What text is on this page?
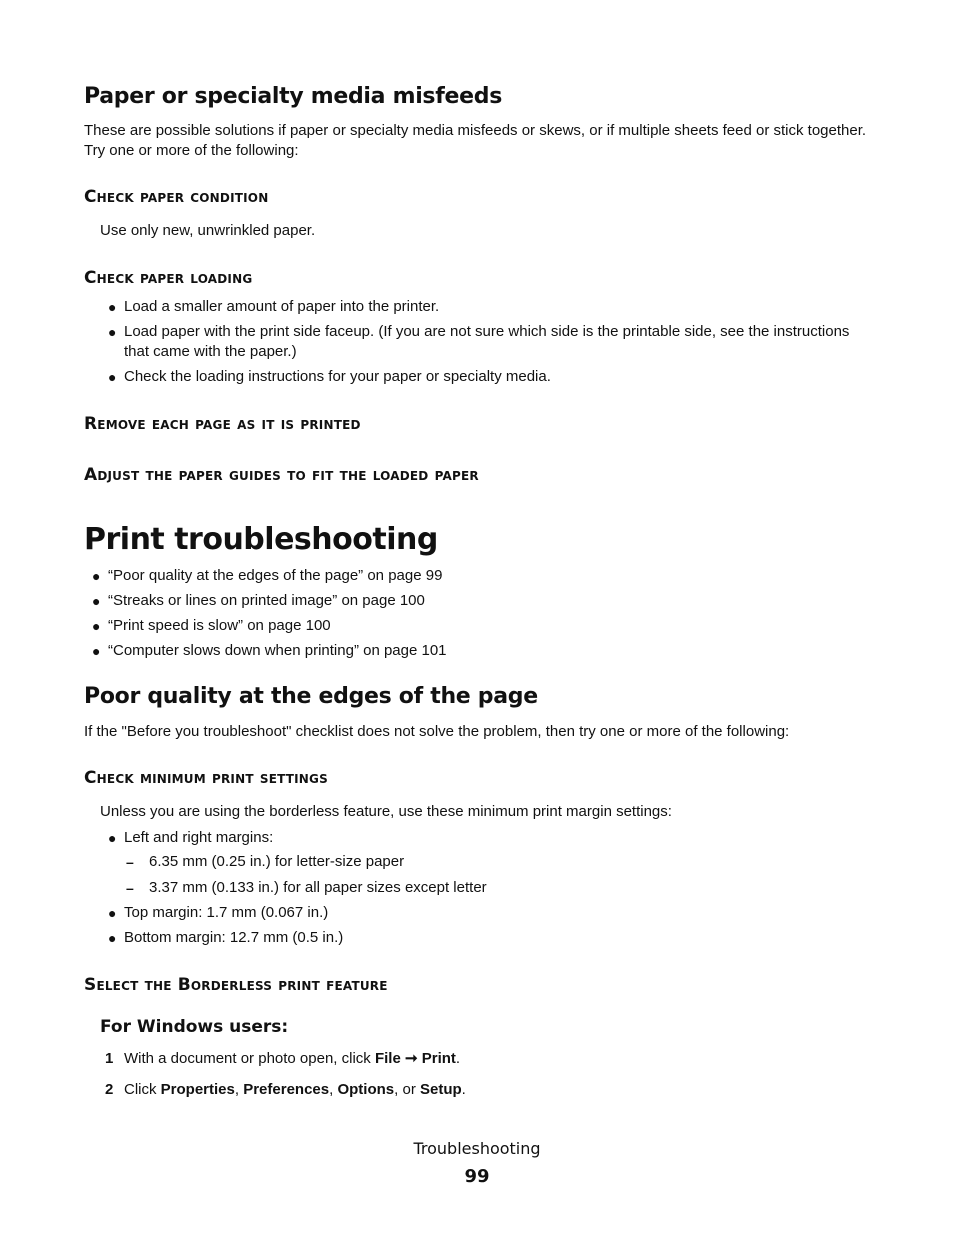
Paper or specialty media misfeeds
These are possible solutions if paper or specialty media misfeeds or skews, or if multiple sheets feed or stick together. Try one or more of the following:
Check paper condition
Use only new, unwrinkled paper.
Check paper loading
● Load a smaller amount of paper into the printer.
● Load paper with the print side faceup. (If you are not sure which side is the printable side, see the instructions that came with the paper.)
● Check the loading instructions for your paper or specialty media.
Remove each page as it is printed
Adjust the paper guides to fit the loaded paper
Print troubleshooting
● “Poor quality at the edges of the page” on page 99
● “Streaks or lines on printed image” on page 100
● “Print speed is slow” on page 100
● “Computer slows down when printing” on page 101
Poor quality at the edges of the page
If the "Before you troubleshoot" checklist does not solve the problem, then try one or more of the following:
Check minimum print settings
Unless you are using the borderless feature, use these minimum print margin settings:
● Left and right margins:
– 6.35 mm (0.25 in.) for letter-size paper
– 3.37 mm (0.133 in.) for all paper sizes except letter
● Top margin: 1.7 mm (0.067 in.)
● Bottom margin: 12.7 mm (0.5 in.)
Select the Borderless print feature
For Windows users:
1 With a document or photo open, click File ➞ Print.
2 Click Properties, Preferences, Options, or Setup.
Troubleshooting
99
